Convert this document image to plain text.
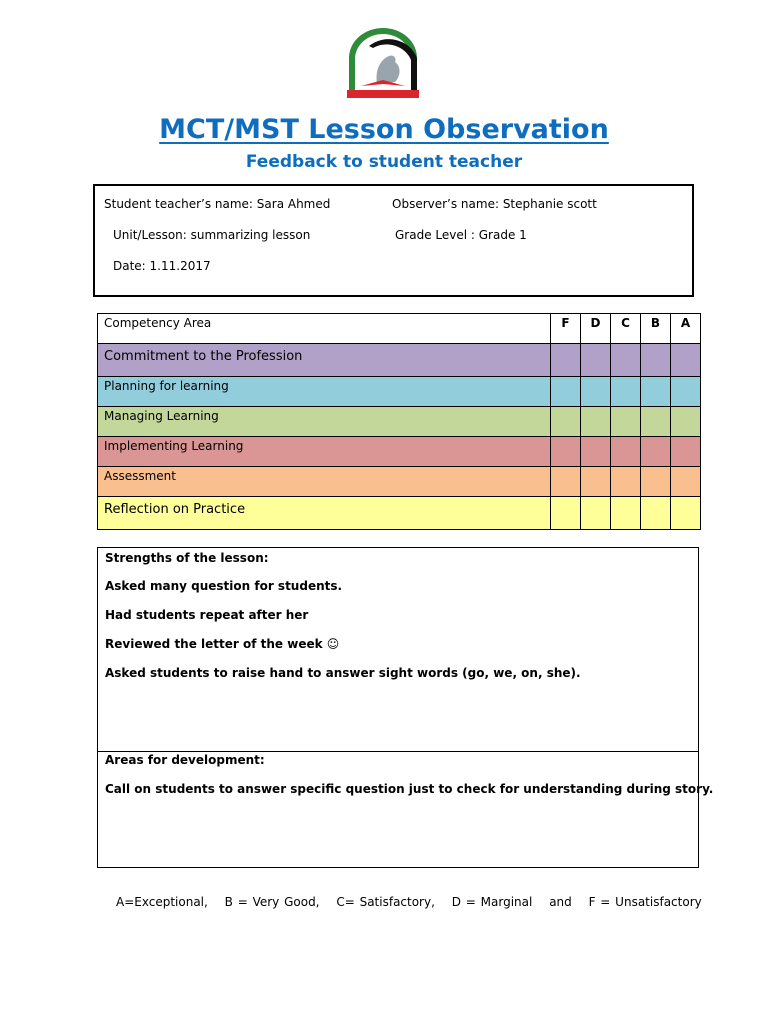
MCT/MST Lesson Observation
Feedback to student teacher
Student teacher’s name: Sara Ahmed	Observer’s name: Stephanie scott
Unit/Lesson: summarizing lesson	Grade Level : Grade 1
Date: 1.11.2017
Competency Area	F	D	C	B	A
Commitment to the Profession					
Planning for learning					
Managing Learning					
Implementing Learning					
Assessment					
Reflection on Practice					
Strengths of the lesson:
Asked many question for students.
Had students repeat after her
Reviewed the letter of the week ☺
Asked students to raise hand to answer sight words (go, we, on, she).
Areas for development:
Call on students to answer specific question just to check for understanding during story.
A=Exceptional, B = Very Good, C= Satisfactory, D = Marginal and F = Unsatisfactory
